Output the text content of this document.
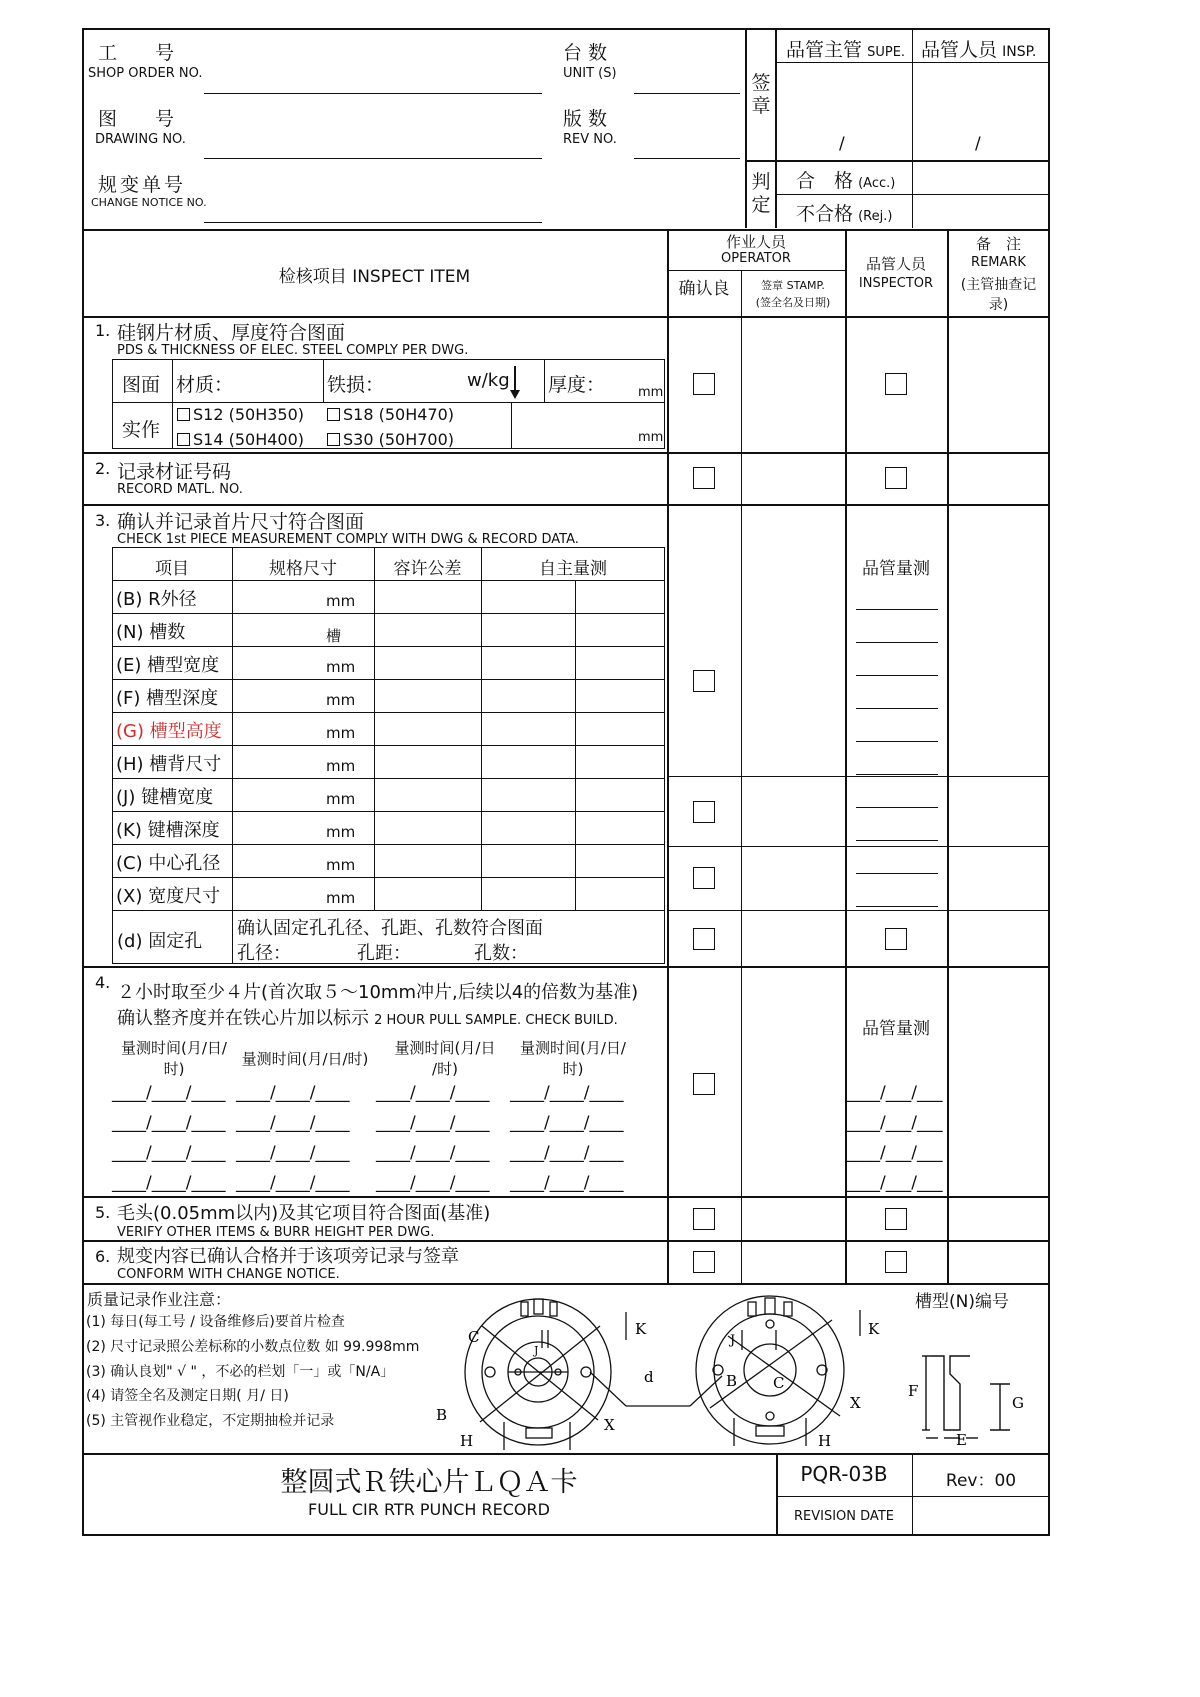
工　　号
SHOP ORDER NO.
图　　号
DRAWING NO.
规变单号
CHANGE NOTICE NO.
台 数
UNIT (S)
版 数
REV NO.
签
章
判
定
品管主管 SUPE. 品管人员 INSP.
/	/
合　格 (Acc.)
不合格 (Rej.)
检核项目 INSPECT ITEM
作业人员
OPERATOR
确认良	签章 STAMP.
(签全名及日期)
品管人员
INSPECTOR
备　注
REMARK
(主管抽查记
录)
1. 硅钢片材质、厚度符合图面
PDS & THICKNESS OF ELEC. STEEL COMPLY PER DWG.
图面 材质：	铁损：	w/kg 厚度：	mm
实作
S12 (50H350)	S18 (50H470)
S14 (50H400)	S30 (50H700)	mm
2. 记录材证号码
RECORD MATL. NO.
3. 确认并记录首片尺寸符合图面
CHECK 1st PIECE MEASUREMENT COMPLY WITH DWG & RECORD DATA.
项目	规格尺寸	容许公差	自主量测	品管量测
(B) R外径	mm
(N) 槽数	槽
(E) 槽型宽度	mm
(F) 槽型深度	mm
(G) 槽型高度	mm
(H) 槽背尺寸	mm
(J) 键槽宽度	mm
(K) 键槽深度	mm
(C) 中心孔径	mm
(X) 宽度尺寸	mm
(d) 固定孔
确认固定孔孔径、孔距、孔数符合图面
孔径：	孔距：	孔数：
4. ２小时取至少４片(首次取５～10mm冲片,后续以4的倍数为基准)
确认整齐度并在铁心片加以标示 2 HOUR PULL SAMPLE. CHECK BUILD.	品管量测
量测时间(月/日/
时)
量测时间(月/日/时)
量测时间(月/日
/时)
量测时间(月/日/
时)
____/____/____ ____/____/____ ____/____/____ ____/____/____	____/___/___
____/____/____ ____/____/____ ____/____/____ ____/____/____	____/___/___
____/____/____ ____/____/____ ____/____/____ ____/____/____	____/___/___
____/____/____ ____/____/____ ____/____/____ ____/____/____	____/___/___
5. 毛头(0.05mm以内)及其它项目符合图面(基准)
VERIFY OTHER ITEMS & BURR HEIGHT PER DWG.
6. 规变内容已确认合格并于该项旁记录与签章
CONFORM WITH CHANGE NOTICE.
质量记录作业注意：
(1) 每日(每工号 / 设备维修后)要首片检查
(2) 尺寸记录照公差标称的小数点位数 如 99.998mm
(3) 确认良划" √ " ，不必的栏划「一」或「N/A」
(4) 请签全名及测定日期( 月/ 日)
(5) 主管视作业稳定，不定期抽检并记录
槽型(N)编号
C
J
K
B
X
H
d
J
K
B C
X
H
F
G
E
整圆式Ｒ铁心片ＬＱＡ卡
FULL CIR RTR PUNCH RECORD
PQR-03B	Rev：00
REVISION DATE
